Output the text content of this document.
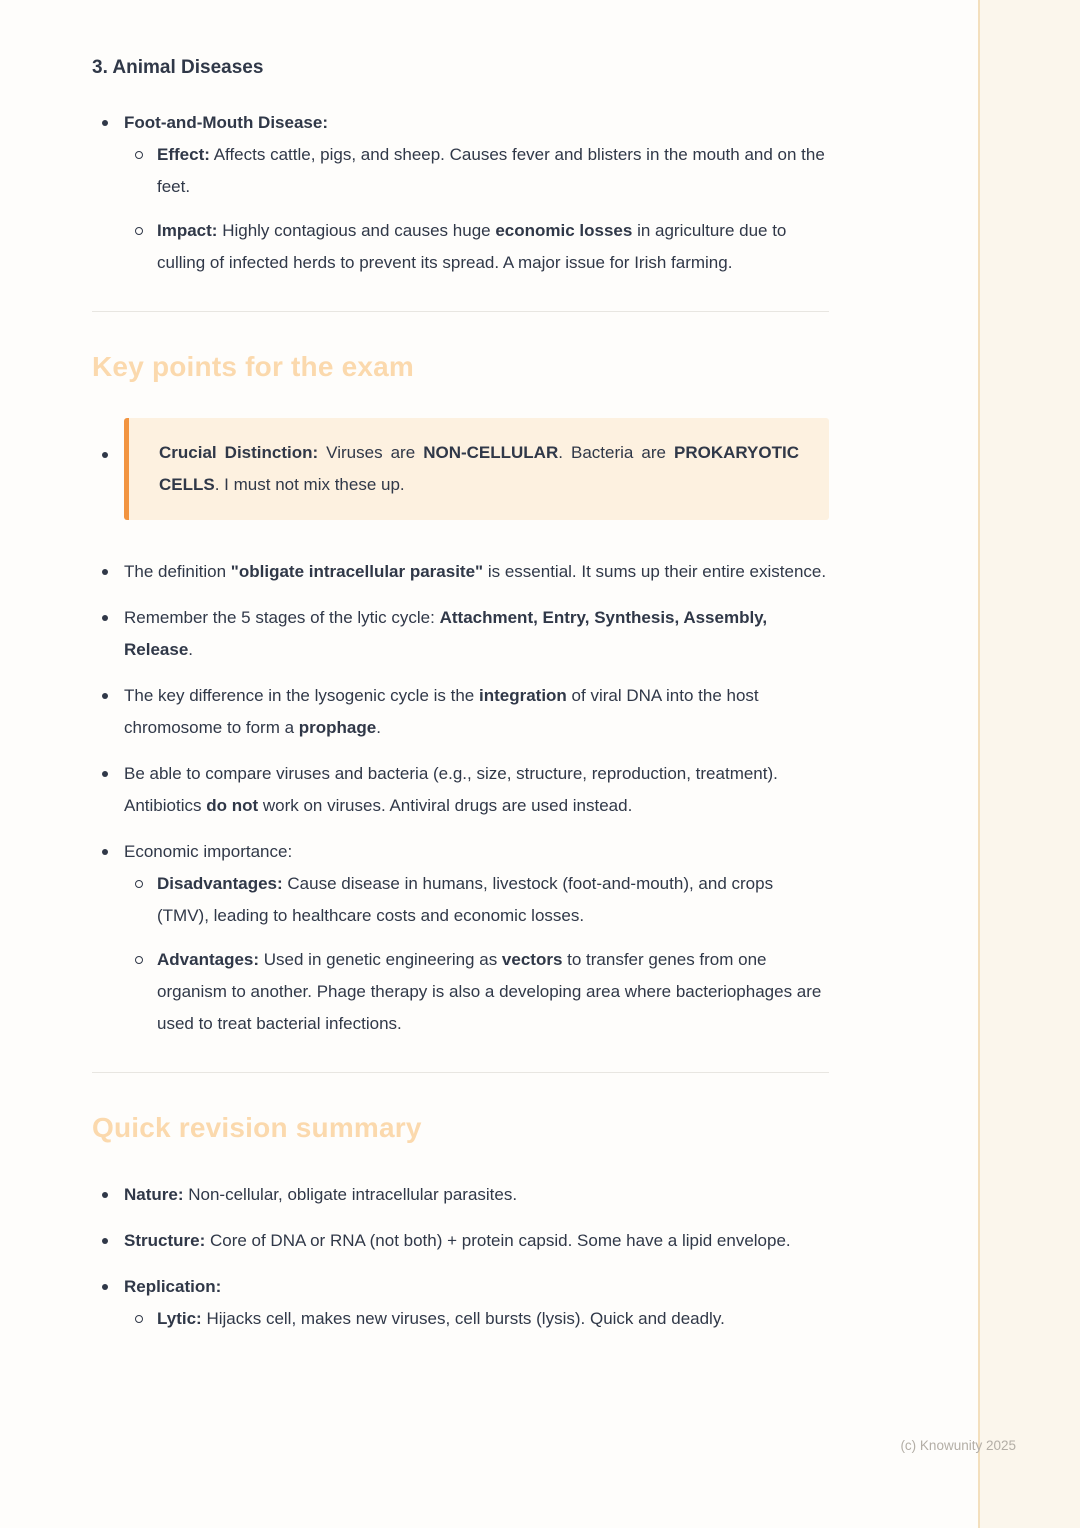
3. Animal Diseases

Foot-and-Mouth Disease:

Effect: Affects cattle, pigs, and sheep. Causes fever and blisters in the mouth and on the feet.

Impact: Highly contagious and causes huge economic losses in agriculture due to culling of infected herds to prevent its spread. A major issue for Irish farming.

Key points for the exam

Crucial Distinction: Viruses are NON-CELLULAR. Bacteria are PROKARYOTIC CELLS. I must not mix these up.

The definition "obligate intracellular parasite" is essential. It sums up their entire existence.

Remember the 5 stages of the lytic cycle: Attachment, Entry, Synthesis, Assembly, Release.

The key difference in the lysogenic cycle is the integration of viral DNA into the host chromosome to form a prophage.

Be able to compare viruses and bacteria (e.g., size, structure, reproduction, treatment). Antibiotics do not work on viruses. Antiviral drugs are used instead.

Economic importance:

Disadvantages: Cause disease in humans, livestock (foot-and-mouth), and crops (TMV), leading to healthcare costs and economic losses.

Advantages: Used in genetic engineering as vectors to transfer genes from one organism to another. Phage therapy is also a developing area where bacteriophages are used to treat bacterial infections.

Quick revision summary

Nature: Non-cellular, obligate intracellular parasites.

Structure: Core of DNA or RNA (not both) + protein capsid. Some have a lipid envelope.

Replication:

Lytic: Hijacks cell, makes new viruses, cell bursts (lysis). Quick and deadly.

(c) Knowunity 2025
